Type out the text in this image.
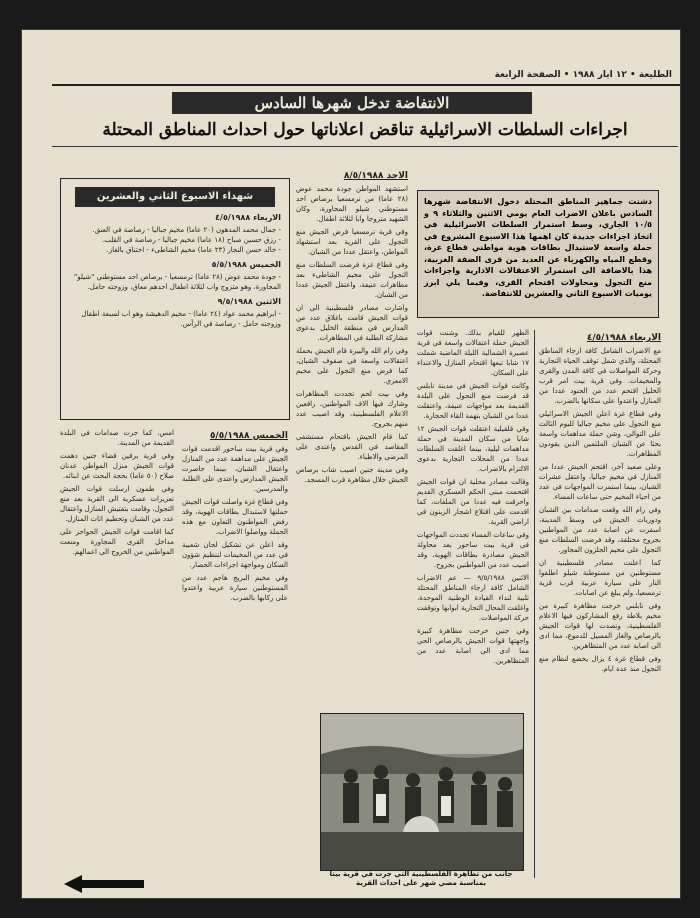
الطليعة • ١٢ ايار ١٩٨٨ • الصفحة الرابعة
الانتفاضة تدخل شهرها السادس
اجراءات السلطات الاسرائيلية تناقض اعلاناتها حول احداث المناطق المحتلة
دشنت جماهير المناطق المحتلة دخول الانتفاضة شهرها السادس باعلان الاضراب العام يومي الاثنين والثلاثاء ٩ و ١٠/٥ الجاري، وسط استمرار السلطات الاسرائيلية في اتخاذ اجراءات جديدة كان اهمها هذا الاسبوع المشروع في حملة واسعة لاستبدال بطاقات هوية مواطني قطاع غزة، وقطع المياه والكهرباء عن العديد من قرى الضفة الغربية، هذا بالاضافة الى استمرار الاعتقالات الادارية واجراءات منع التجول ومحاولات اقتحام القرى، وفيما يلي ابرز يوميات الاسبوع الثاني والعشرين للانتفاضة.
الاربعاء ٤/٥/١٩٨٨

مع الاضراب الشامل كافة ارجاء المناطق المحتلة، والذي شمل توقف الحياة التجارية وحركة المواصلات في كافة المدن والقرى والمخيمات. وفي قرية بيت امر قرب الخليل اقتحم عدد من الجنود عددا من المنازل واعتدوا على سكانها بالضرب.

وفي قطاع غزة اعلن الجيش الاسرائيلي منع التجول على مخيم جباليا لليوم الثالث على التوالي، وشن حملة مداهمات واسعة بحثا عن الشبان الملثمين الذين يقودون المظاهرات.

وعلى صعيد آخر، اقتحم الجيش عددا من المنازل في مخيم جباليا، واعتقل عشرات الشبان، بينما استمرت المواجهات في عدد من احياء المخيم حتى ساعات المساء.

وفي رام الله وقعت صدامات بين الشبان ودوريات الجيش في وسط المدينة، اسفرت عن اصابة عدد من المواطنين بجروح مختلفة، وقد فرضت السلطات منع التجول على مخيم الجلزون المجاور.

كما اعلنت مصادر فلسطينية ان مستوطنين من مستوطنة شيلو اطلقوا النار على سيارة عربية قرب قرية ترمسعيا، ولم يبلغ عن اصابات.

وفي نابلس خرجت مظاهرة كبيرة من مخيم بلاطة رفع المشاركون فيها الاعلام الفلسطينية، وتصدت لها قوات الجيش بالرصاص والغاز المسيل للدموع، مما ادى الى اصابة عدد من المتظاهرين.

وفي قطاع غزة ٤ يزال يخضع لنظام منع التجول منذ عدة ايام.

الظهر للقيام بذلك. وشنت قوات الجيش حملة اعتقالات واسعة في قرية عصيرة الشمالية الليلة الماضية شملت ١٧ شابا تبعها اقتحام المنازل والاعتداء على السكان.

وكانت قوات الجيش في مدينة نابلس قد فرضت منع التجول على البلدة القديمة بعد مواجهات عنيفة، واعتقلت عددا من الشبان بتهمة القاء الحجارة.

وفي قلقيلية اعتقلت قوات الجيش ١٢ شابا من سكان المدينة في حملة مداهمات ليلية، بينما اغلقت السلطات عددا من المحلات التجارية بدعوى الالتزام بالاضراب.

وقالت مصادر محلية ان قوات الجيش اقتحمت مبنى الحكم العسكري القديم واحرقت فيه عددا من الملفات، كما اقدمت على اقتلاع اشجار الزيتون في اراضي القرية.

وفي ساعات المساء تجددت المواجهات في قرية بيت ساحور بعد محاولة الجيش مصادرة بطاقات الهوية، وقد اصيب عدد من المواطنين بجروح.

الاثنين ٩/٥/١٩٨٨ — عم الاضراب الشامل كافة ارجاء المناطق المحتلة تلبية لنداء القيادة الوطنية الموحدة، واغلقت المحال التجارية ابوابها وتوقفت حركة المواصلات.

وفي جنين خرجت مظاهرة كبيرة واجهتها قوات الجيش بالرصاص الحي مما ادى الى اصابة عدد من المتظاهرين.

الاحد ٨/٥/١٩٨٨

استشهد المواطن جودة محمد عوض (٢٨ عاما) من ترمسعيا برصاص احد مستوطني شيلو المجاورة، وكان الشهيد متزوجا وابا لثلاثة اطفال.

وفي قرية ترمسعيا فرض الجيش منع التجول على القرية بعد استشهاد المواطن، واعتقل عددا من الشبان.

وفي قطاع غزة فرضت السلطات منع التجول على مخيم الشاطىء بعد مظاهرات عنيفة، واعتقل الجيش عددا من الشبان.

واشارت مصادر فلسطينية الى ان قوات الجيش قامت باغلاق عدد من المدارس في منطقة الخليل بدعوى مشاركة الطلبة في المظاهرات.

وفي رام الله والبيرة قام الجيش بحملة اعتقالات واسعة في صفوف الشبان، كما فرض منع التجول على مخيم الامعري.

وفي بيت لحم تجددت المظاهرات وشارك فيها الاف المواطنين، رافعين الاعلام الفلسطينية، وقد اصيب عدد منهم بجروح.

كما قام الجيش باقتحام مستشفى المقاصد في القدس واعتدى على المرضى والاطباء.

وفي مدينة جنين اصيب شاب برصاص الجيش خلال مظاهرة قرب المسجد.

شهداء الاسبوع الثاني والعشرين
الاربعاء ٤/٥/١٩٨٨
- جمال محمد المدهون (٢٠ عاما) مخيم جباليا - رصاصة في العنق.
- رزق حسين صباح (١٨ عاما) مخيم جباليا - رصاصة في القلب.
- خالد حسن النجار (٢٣ عاما) مخيم الشاطىء - اختناق بالغاز.
الخميس ٥/٥/١٩٨٨
- جودة محمد عوض (٢٨ عاما) ترمسعيا - برصاص احد مستوطني "شيلو" المجاورة، وهو متزوج واب لثلاثة اطفال احدهم معاق، وزوجته حامل.
الاثنين ٩/٥/١٩٨٨
- ابراهيم محمد عواد (٢٤ عاما) - مخيم الدهيشة وهو اب لسبعة اطفال وزوجته حامل - رصاصة في الرأس.
الخميس ٥/٥/١٩٨٨

وفي قرية بيت ساحور اقدمت قوات الجيش على مداهمة عدد من المنازل واعتقال الشبان، بينما حاصرت الجيش المدارس واعتدى على الطلبة والمدرسين.

وفي قطاع غزة واصلت قوات الجيش حملتها لاستبدال بطاقات الهوية، وقد رفض المواطنون التعاون مع هذه الحملة وواصلوا الاضراب.

وقد اعلن عن تشكيل لجان شعبية في عدد من المخيمات لتنظيم شؤون السكان ومواجهة اجراءات الحصار.

وفي مخيم البريج هاجم عدد من المستوطنين سيارة عربية واعتدوا على ركابها بالضرب.

امس، كما جرت صدامات في البلدة القديمة من المدينة.

وفي قرية برقين قضاء جنين دهمت قوات الجيش منزل المواطن عدنان صلاح (٥٠ عاما) بحجة البحث عن ابنائه.

وفي طمون ارسلت قوات الجيش تعزيزات عسكرية الى القرية بعد منع التجول، وقامت بتفتيش المنازل واعتقال عدد من الشبان وتحطيم اثاث المنازل.

كما اقامت قوات الجيش الحواجز على مداخل القرى المجاورة ومنعت المواطنين من الخروج الى اعمالهم.

جانب من تظاهرة الفلسطينية التي جرت في قرية بيتا بمناسبة مضي شهر على احداث القرية
